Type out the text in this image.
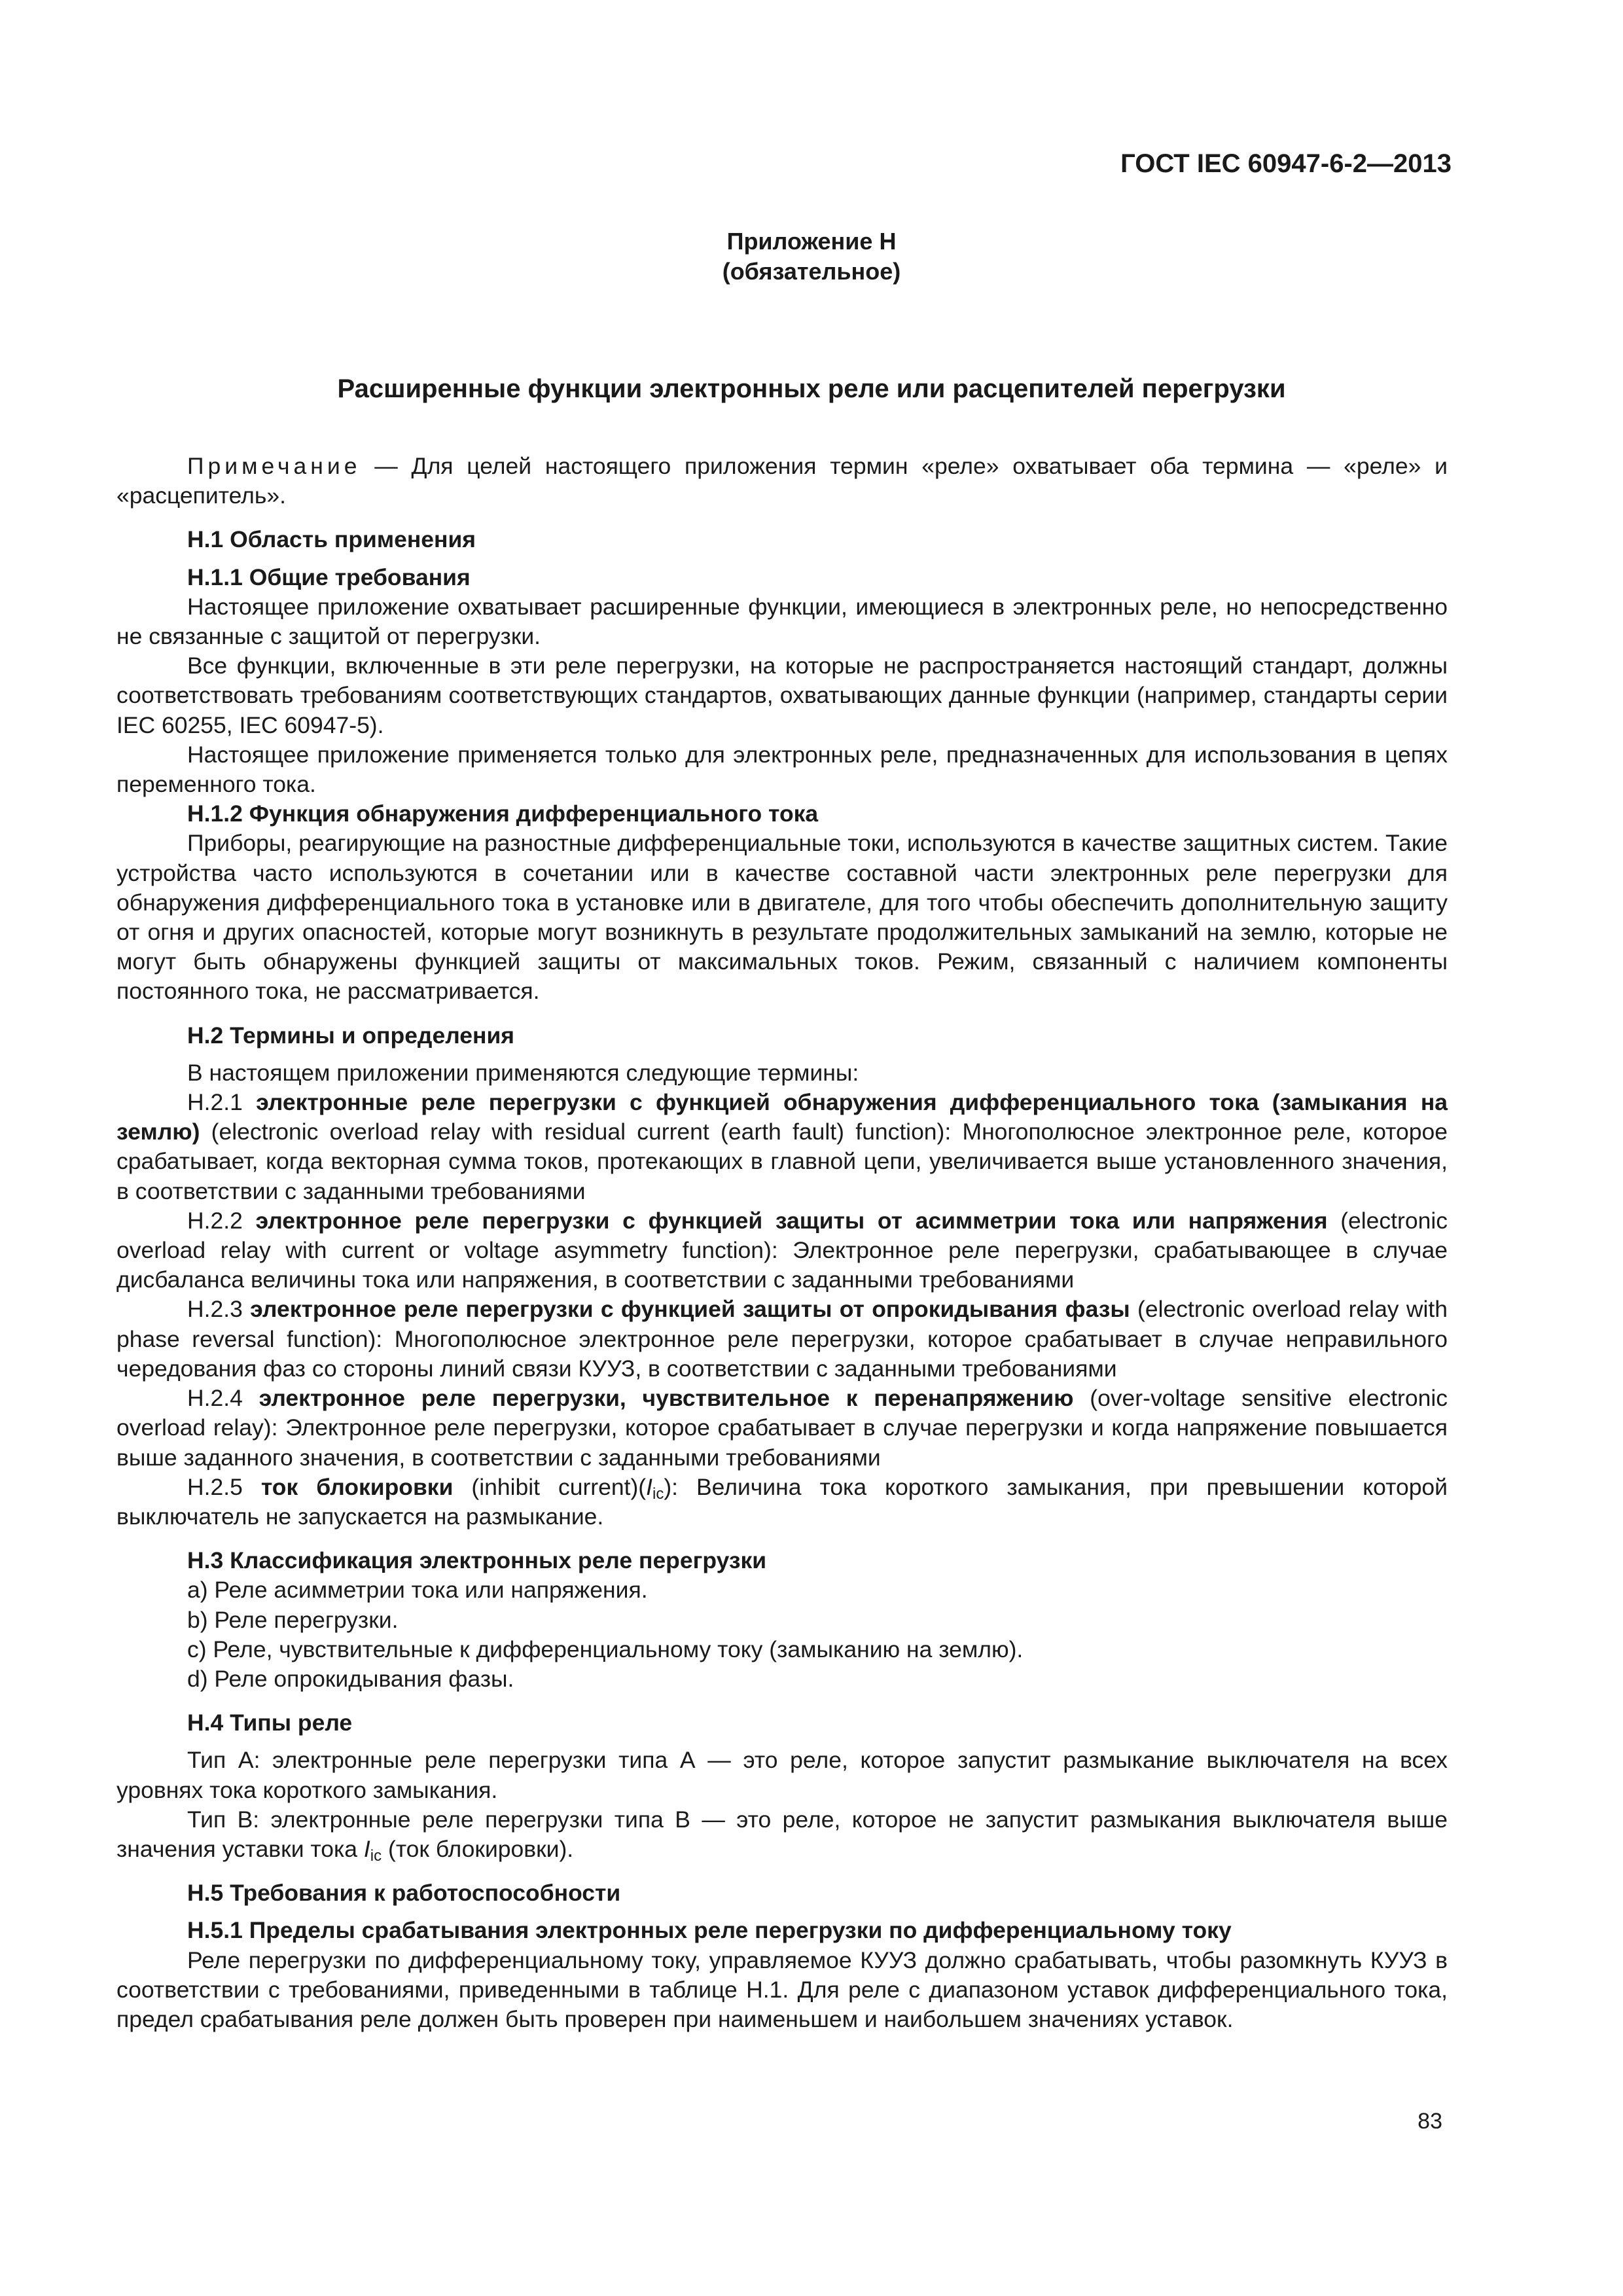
ГОСТ IEC 60947-6-2—2013
Приложение Н
(обязательное)
Расширенные функции электронных реле или расцепителей перегрузки

Примечание — Для целей настоящего приложения термин «реле» охватывает оба термина — «реле» и «расцепитель».

Н.1 Область применения

Н.1.1 Общие требования

Настоящее приложение охватывает расширенные функции, имеющиеся в электронных реле, но непосредственно не связанные с защитой от перегрузки.

Все функции, включенные в эти реле перегрузки, на которые не распространяется настоящий стандарт, должны соответствовать требованиям соответствующих стандартов, охватывающих данные функции (например, стандарты серии IEC 60255, IEC 60947-5).

Настоящее приложение применяется только для электронных реле, предназначенных для использования в цепях переменного тока.

Н.1.2 Функция обнаружения дифференциального тока

Приборы, реагирующие на разностные дифференциальные токи, используются в качестве защитных систем. Такие устройства часто используются в сочетании или в качестве составной части электронных реле перегрузки для обнаружения дифференциального тока в установке или в двигателе, для того чтобы обеспечить дополнительную защиту от огня и других опасностей, которые могут возникнуть в результате продолжительных замыканий на землю, которые не могут быть обнаружены функцией защиты от максимальных токов. Режим, связанный с наличием компоненты постоянного тока, не рассматривается.

Н.2 Термины и определения

В настоящем приложении применяются следующие термины:

Н.2.1 электронные реле перегрузки с функцией обнаружения дифференциального тока (замыкания на землю) (electronic overload relay with residual current (earth fault) function): Многополюсное электронное реле, которое срабатывает, когда векторная сумма токов, протекающих в главной цепи, увеличивается выше установленного значения, в соответствии с заданными требованиями

Н.2.2 электронное реле перегрузки с функцией защиты от асимметрии тока или напряжения (electronic overload relay with current or voltage asymmetry function): Электронное реле перегрузки, срабатывающее в случае дисбаланса величины тока или напряжения, в соответствии с заданными требованиями

Н.2.3 электронное реле перегрузки с функцией защиты от опрокидывания фазы (electronic overload relay with phase reversal function): Многополюсное электронное реле перегрузки, которое срабатывает в случае неправильного чередования фаз со стороны линий связи КУУЗ, в соответствии с заданными требованиями

Н.2.4 электронное реле перегрузки, чувствительное к перенапряжению (over-voltage sensitive electronic overload relay): Электронное реле перегрузки, которое срабатывает в случае перегрузки и когда напряжение повышается выше заданного значения, в соответствии с заданными требованиями

Н.2.5 ток блокировки (inhibit $current)(I_{ic})$: Величина тока короткого замыкания, при превышении которой выключатель не запускается на размыкание.

Н.3 Классификация электронных реле перегрузки

a) Реле асимметрии тока или напряжения.

b) Реле перегрузки.

c) Реле, чувствительные к дифференциальному току (замыканию на землю).

d) Реле опрокидывания фазы.

Н.4 Типы реле

Тип А: электронные реле перегрузки типа А — это реле, которое запустит размыкание выключателя на всех уровнях тока короткого замыкания.

Тип В: электронные реле перегрузки типа В — это реле, которое не запустит размыкания выключателя выше значения уставки тока $I_{ic}$ (ток блокировки).

Н.5 Требования к работоспособности

Н.5.1 Пределы срабатывания электронных реле перегрузки по дифференциальному току

Реле перегрузки по дифференциальному току, управляемое КУУЗ должно срабатывать, чтобы разомкнуть КУУЗ в соответствии с требованиями, приведенными в таблице Н.1. Для реле с диапазоном уставок дифференциального тока, предел срабатывания реле должен быть проверен при наименьшем и наибольшем значениях уставок.

83
